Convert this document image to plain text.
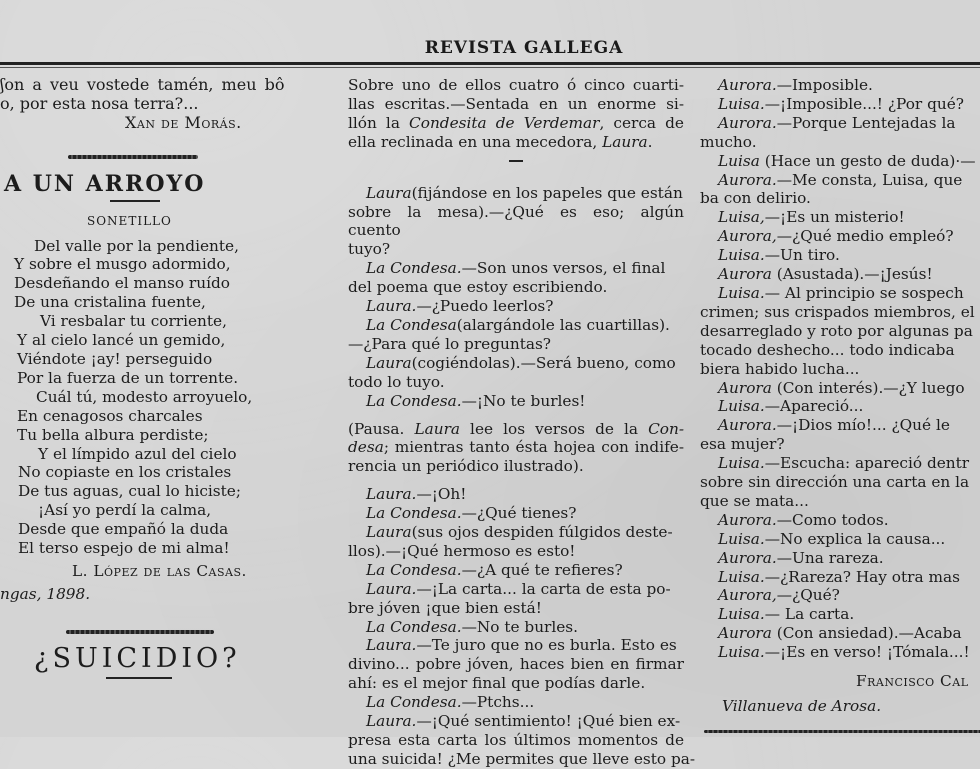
REVISTA GALLEGA
ʃon a veu vostede tamén, meu bô
o, por esta nosa terra?...
Xan de Morás.
A UN ARROYO
SONETILLO
Del valle por la pendiente,
Y sobre el musgo adormido,
Desdeñando el manso ruído
De una cristalina fuente,
Vi resbalar tu corriente,
Y al cielo lancé un gemido,
Viéndote ¡ay! perseguido
Por la fuerza de un torrente.
Cuál tú, modesto arroyuelo,
En cenagosos charcales
Tu bella albura perdiste;
Y el límpido azul del cielo
No copiaste en los cristales
De tus aguas, cual lo hiciste;
¡Así yo perdí la calma,
Desde que empañó la duda
El terso espejo de mi alma!
L. López de las Casas.
ngas, 1898.
¿SUICIDIO?
Sobre uno de ellos cuatro ó cinco cuarti-
llas escritas.—Sentada en un enorme si-
llón la Condesita de Verdemar, cerca de
ella reclinada en una mecedora, Laura.
Laura (fijándose en los papeles que están
sobre la mesa).—¿Qué es eso; algún cuento
tuyo?
La Condesa. —Son unos versos, el final
del poema que estoy escribiendo.
Laura.—¿Puedo leerlos?
La Condesa (alargándole las cuartillas).
—¿Para qué lo preguntas?
Laura (cogiéndolas).—Será bueno, como
todo lo tuyo.
La Condesa.—¡No te burles!
(Pausa. Laura lee los versos de la Con-
desa; mientras tanto ésta hojea con indife-
rencia un periódico ilustrado).
Laura.—¡Oh!
La Condesa.—¿Qué tienes?
Laura (sus ojos despiden fúlgidos deste-
llos).—¡Qué hermoso es esto!
La Condesa.—¿A qué te refieres?
Laura. —¡La carta... la carta de esta po-
bre jóven ¡que bien está!
La Condesa.—No te burles.
Laura. —Te juro que no es burla. Esto es
divino... pobre jóven, haces bien en firmar
ahí: es el mejor final que podías darle.
La Condesa.—Ptchs...
Laura. —¡Qué sentimiento! ¡Qué bien ex-
presa esta carta los últimos momentos de
una suicida! ¿Me permites que lleve esto pa-
Aurora.—Imposible.
Luisa.—¡Imposible...! ¿Por qué?
Aurora.—Porque Lentejadas la
mucho.
Luisa (Hace un gesto de duda)·—
Aurora.—Me consta, Luisa, que
ba con delirio.
Luisa,—¡Es un misterio!
Aurora,—¿Qué medio empleó?
Luisa.—Un tiro.
Aurora (Asustada).—¡Jesús!
Luisa.— Al principio se sospech
crimen; sus crispados miembros, el
desarreglado y roto por algunas pa
tocado deshecho... todo indicaba
biera habido lucha...
Aurora (Con interés).—¿Y luego
Luisa.—Apareció...
Aurora.—¡Dios mío!... ¿Qué le
esa mujer?
Luisa.—Escucha: apareció dentr
sobre sin dirección una carta en la
que se mata...
Aurora.—Como todos.
Luisa.—No explica la causa...
Aurora.—Una rareza.
Luisa.—¿Rareza? Hay otra mas
Aurora,—¿Qué?
Luisa.— La carta.
Aurora (Con ansiedad).—Acaba
Luisa.—¡Es en verso! ¡Tómala...!
Francisco Cal
Villanueva de Arosa.
